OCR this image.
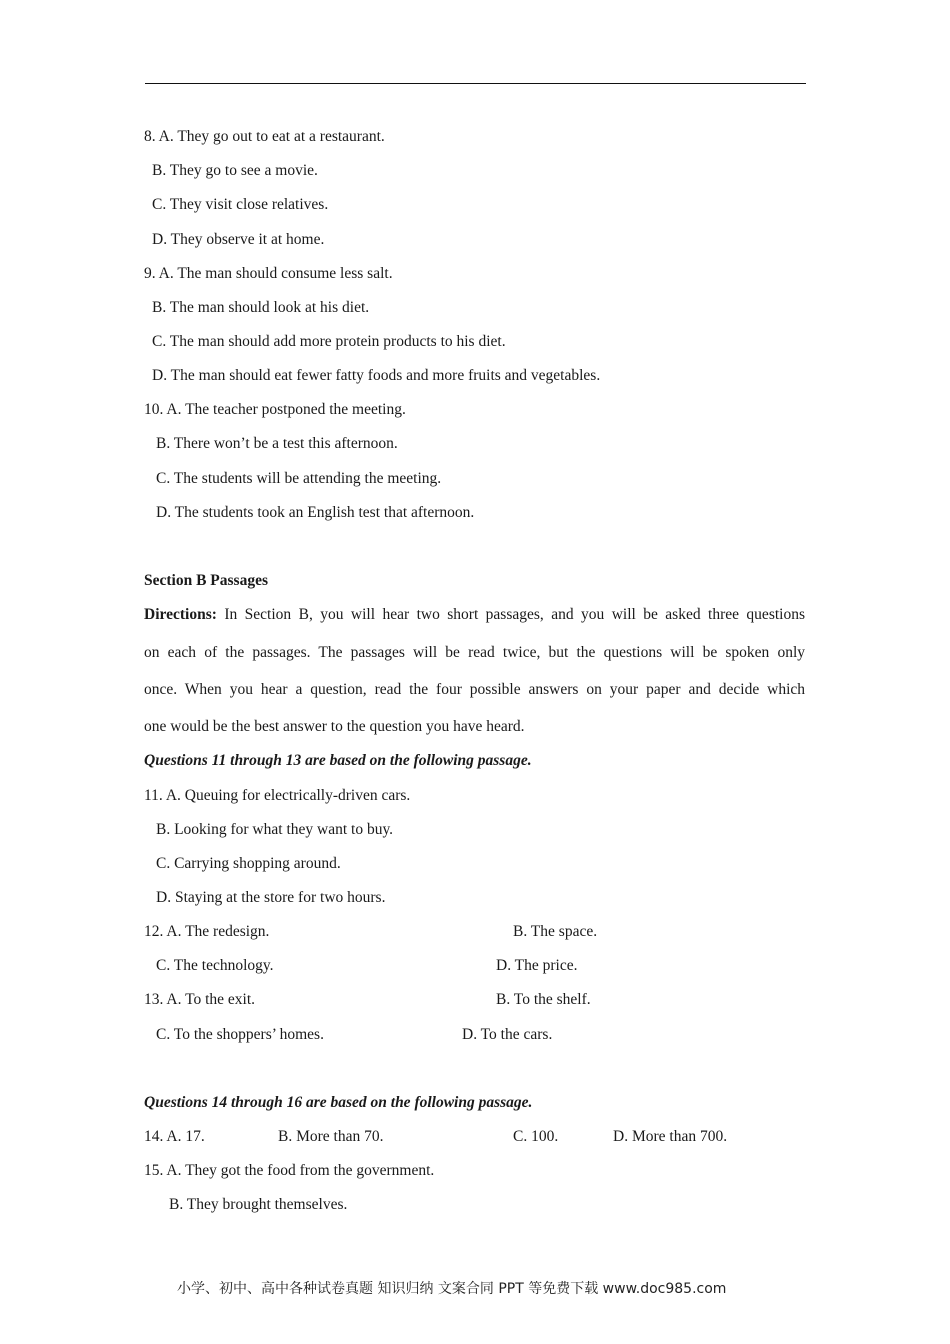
8. A. They go out to eat at a restaurant.
B. They go to see a movie.
C. They visit close relatives.
D. They observe it at home.
9. A. The man should consume less salt.
B. The man should look at his diet.
C. The man should add more protein products to his diet.
D. The man should eat fewer fatty foods and more fruits and vegetables.
10. A. The teacher postponed the meeting.
B. There won’t be a test this afternoon.
C. The students will be attending the meeting.
D. The students took an English test that afternoon.
Section B Passages
Directions: In Section B, you will hear two short passages, and you will be asked three questions
on each of the passages. The passages will be read twice, but the questions will be spoken only
once. When you hear a question, read the four possible answers on your paper and decide which
one would be the best answer to the question you have heard.
Questions 11 through 13 are based on the following passage.
11. A. Queuing for electrically-driven cars.
B. Looking for what they want to buy.
C. Carrying shopping around.
D. Staying at the store for two hours.
12. A. The redesign.	B. The space.
C. The technology.	D. The price.
13. A. To the exit.	B. To the shelf.
C. To the shoppers’ homes.	D. To the cars.
Questions 14 through 16 are based on the following passage.
14. A. 17.	B. More than 70.	C. 100.	D. More than 700.
15. A. They got the food from the government.
B. They brought themselves.
小学、初中、高中各种试卷真题 知识归纳 文案合同 PPT 等免费下载 www.doc985.com
